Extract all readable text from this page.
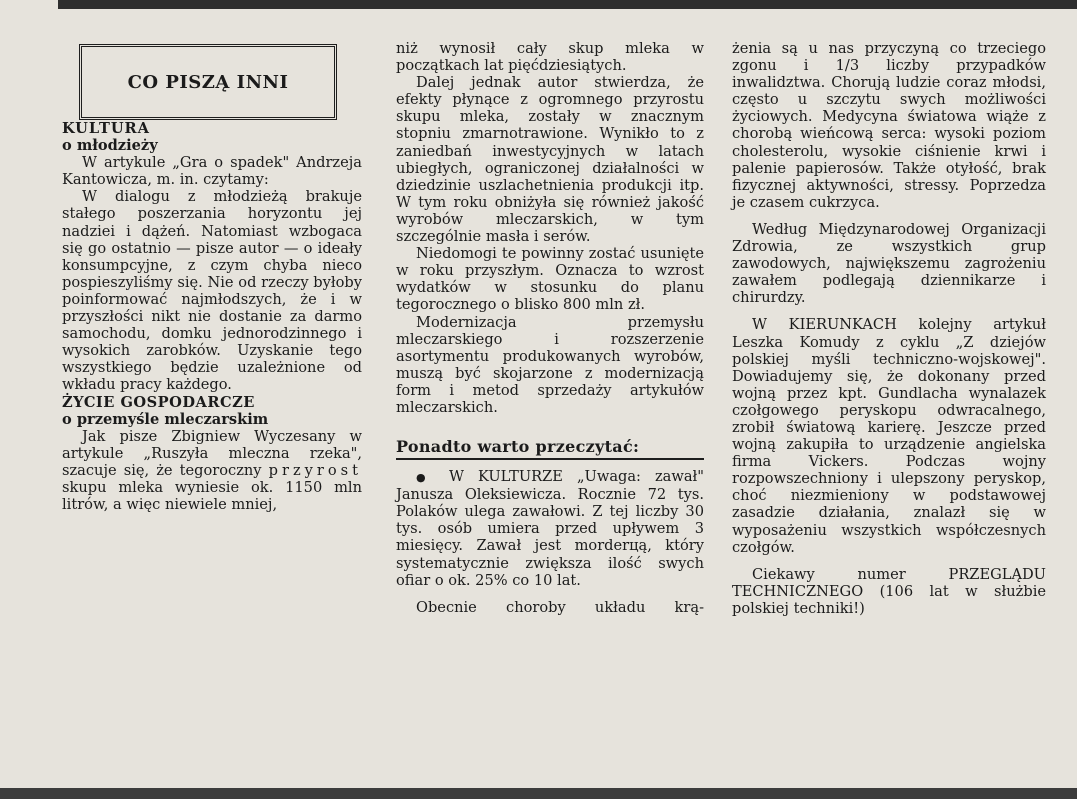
CO PISZĄ INNI

KULTURA

o młodzieży

W artykule „Gra o spadek" Andrzeja Kantowicza, m. in. czytamy:

W dialogu z młodzieżą brakuje stałego poszerzania horyzontu jej nadziei i dążeń. Natomiast wzbogaca się go ostatnio — pisze autor — o ideały konsumpcyjne, z czym chyba nieco pospieszyliśmy się. Nie od rzeczy byłoby poinformować najmłodszych, że i w przyszłości nikt nie dostanie za darmo samochodu, domku jednorodzinnego i wysokich zarobków. Uzyskanie tego wszystkiego będzie uzależnione od wkładu pracy każdego.

ŻYCIE GOSPODARCZE

o przemyśle mleczarskim

Jak pisze Zbigniew Wyczesany w artykule „Ruszyła mleczna rzeka", szacuje się, że tegoroczny przyrost skupu mleka wyniesie ok. 1150 mln litrów, a więc niewiele mniej,

niż wynosił cały skup mleka w początkach lat pięćdziesiątych.

Dalej jednak autor stwierdza, że efekty płynące z ogromnego przyrostu skupu mleka, zostały w znacznym stopniu zmarnotrawione. Wynikło to z zaniedbań inwestycyjnych w latach ubiegłych, ograniczonej działalności w dziedzinie uszlachetnienia produkcji itp. W tym roku obniżyła się również jakość wyrobów mleczarskich, w tym szczególnie masła i serów.

Niedomogi te powinny zostać usunięte w roku przyszłym. Oznacza to wzrost wydatków w stosunku do planu tegorocznego o blisko 800 mln zł.

Modernizacja przemysłu mleczarskiego i rozszerzenie asortymentu produkowanych wyrobów, muszą być skojarzone z modernizacją form i metod sprzedaży artykułów mleczarskich.

Ponadto warto przeczytać:

● W KULTURZE „Uwaga: zawał" Janusza Oleksiewicza. Rocznie 72 tys. Polaków ulega zawałowi. Z tej liczby 30 tys. osób umiera przed upływem 3 miesięcy. Zawał jest morderцą, który systematycznie zwiększa ilość swych ofiar o ok. 25% co 10 lat.

Obecnie choroby układu krą-

żenia są u nas przyczyną co trzeciego zgonu i 1/3 liczby przypadków inwalidztwa. Chorują ludzie coraz młodsi, często u szczytu swych możliwości życiowych. Medycyna światowa wiąże z chorobą wieńcową serca: wysoki poziom cholesterolu, wysokie ciśnienie krwi i palenie papierosów. Także otyłość, brak fizycznej aktywności, stressy. Poprzedza je czasem cukrzyca.

Według Międzynarodowej Organizacji Zdrowia, ze wszystkich grup zawodowych, największemu zagrożeniu zawałem podlegają dziennikarze i chirurdzy.

W KIERUNKACH kolejny artykuł Leszka Komudy z cyklu „Z dziejów polskiej myśli techniczno-wojskowej". Dowiadujemy się, że dokonany przed wojną przez kpt. Gundlacha wynalazek czołgowego peryskopu odwracalnego, zrobił światową karierę. Jeszcze przed wojną zakupiła to urządzenie angielska firma Vickers. Podczas wojny rozpowszechniony i ulepszony peryskop, choć niezmieniony w podstawowej zasadzie działania, znalazł się w wyposażeniu wszystkich współczesnych czołgów.

Ciekawy numer PRZEGLĄDU TECHNICZNEGO (106 lat w służbie polskiej techniki!)
